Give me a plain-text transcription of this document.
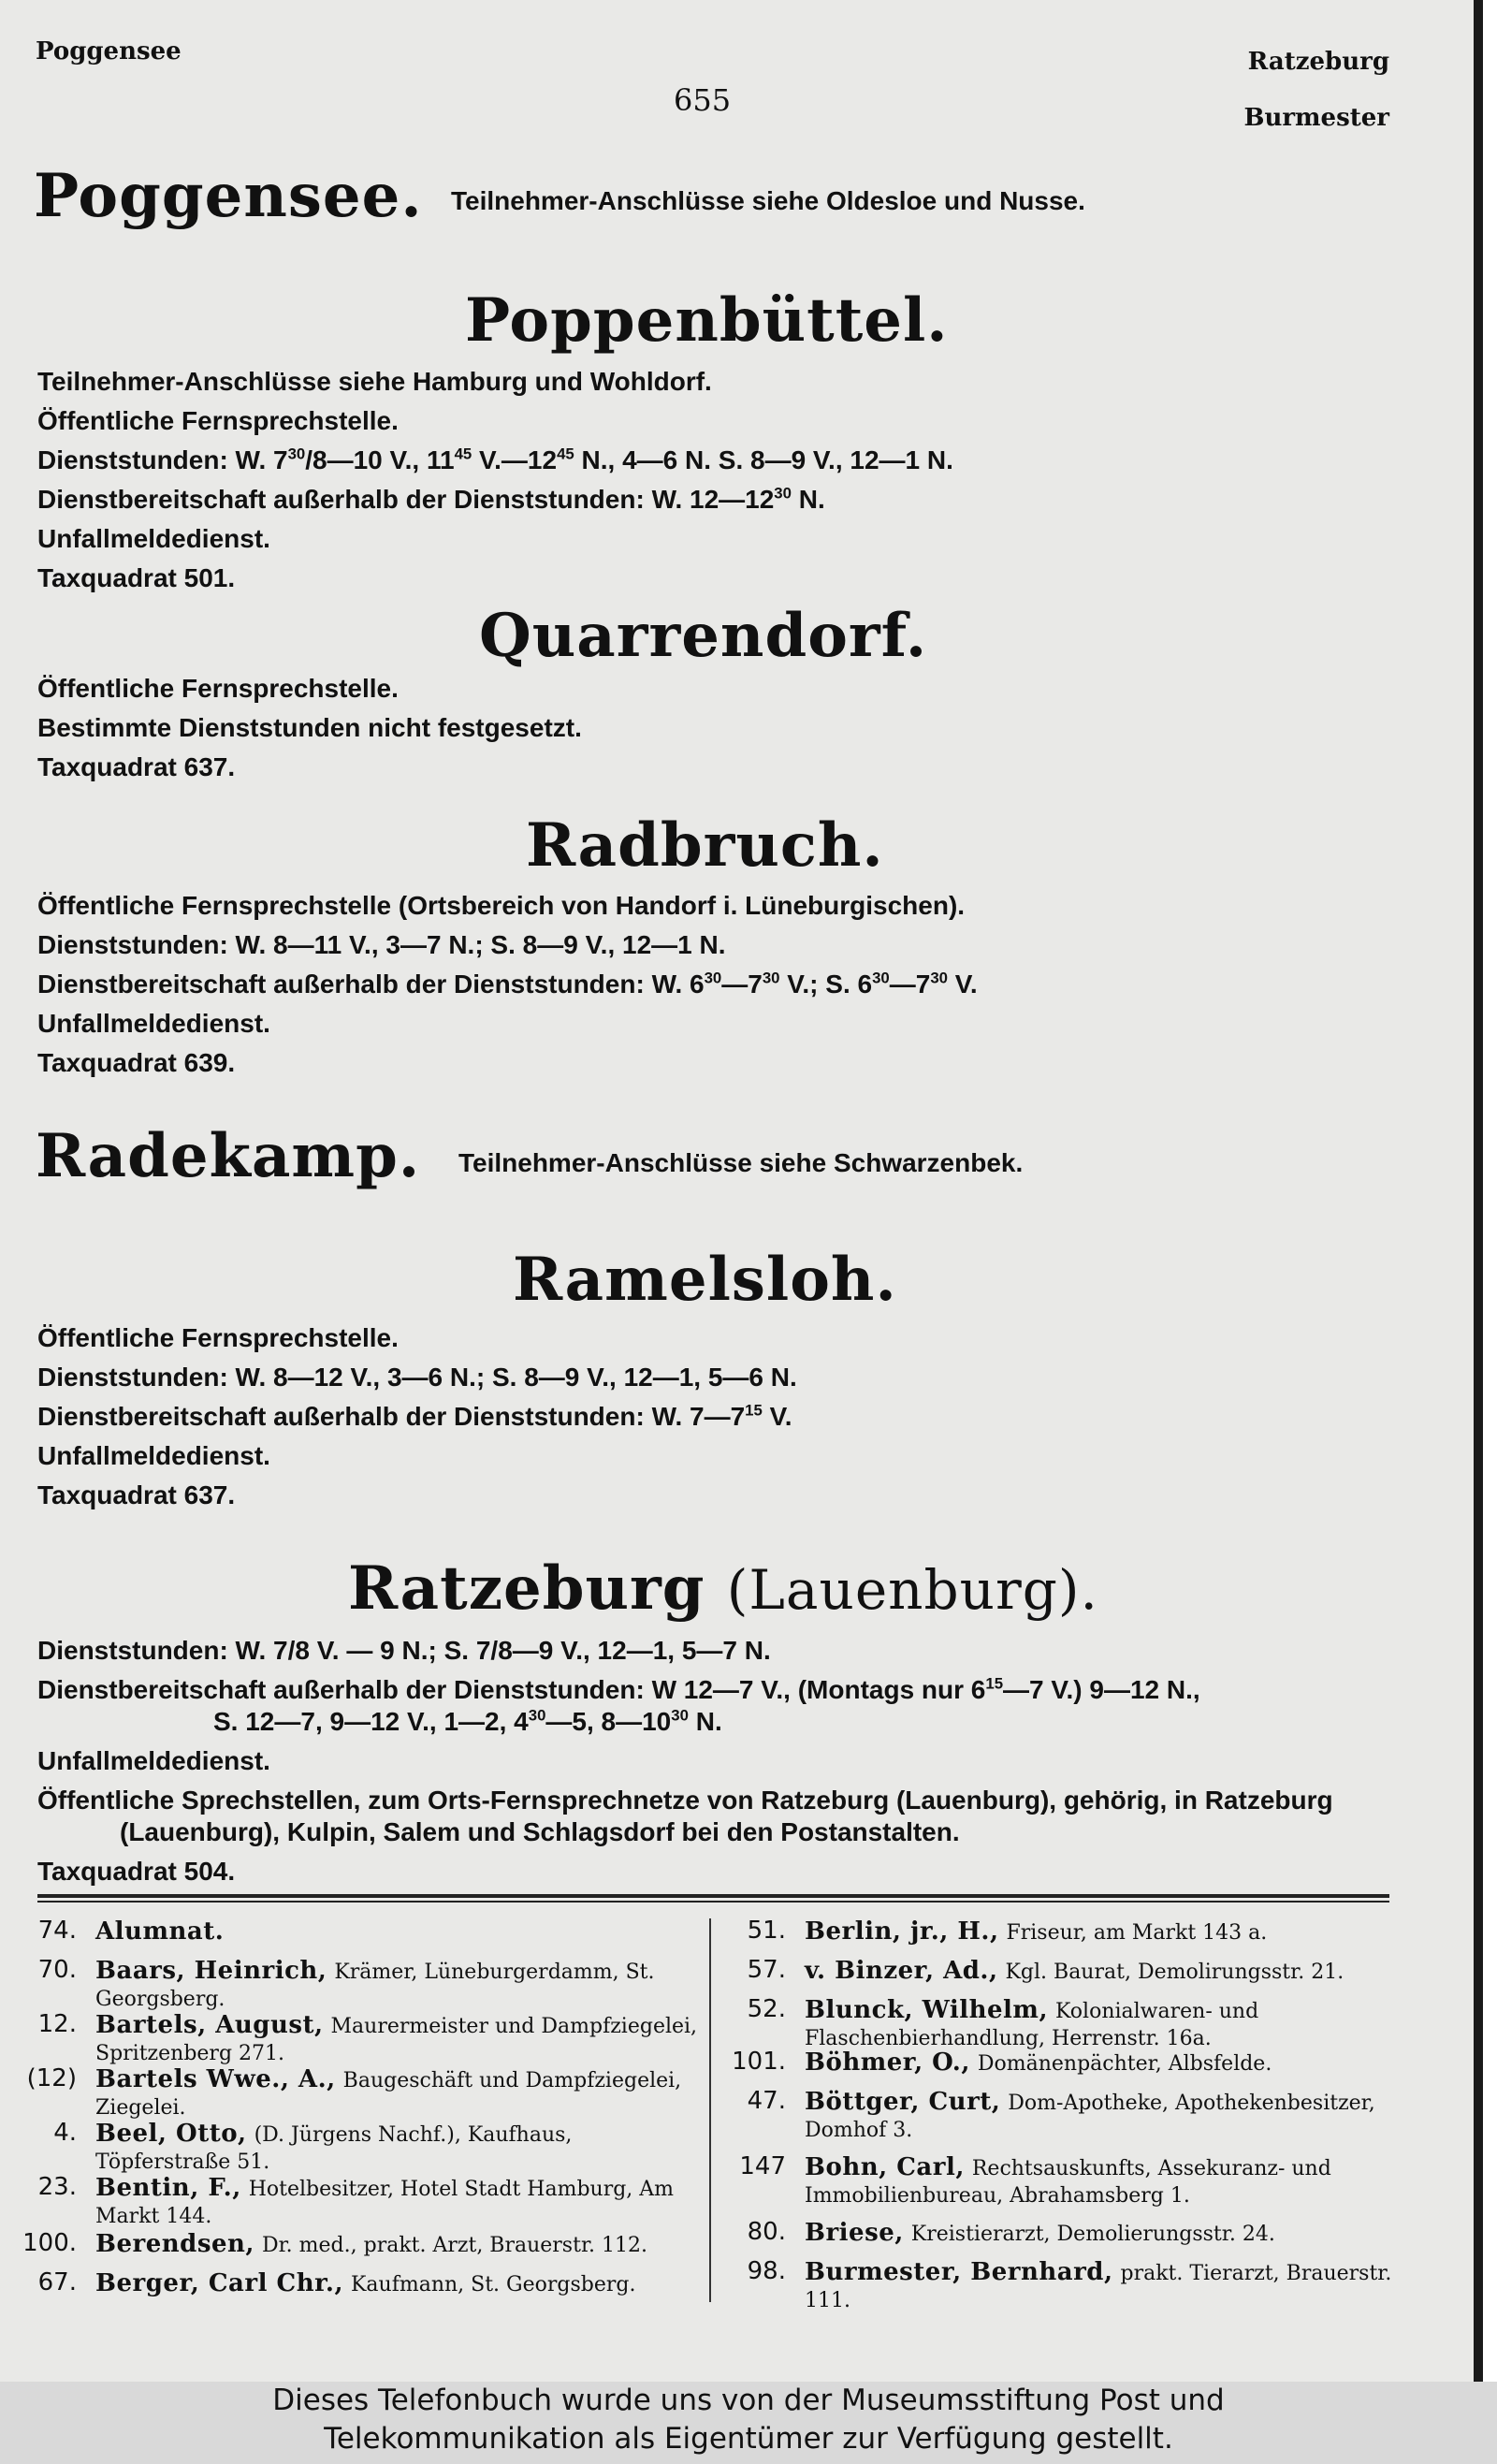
Poggensee
655
Ratzeburg
Burmester
Poggensee. Teilnehmer-Anschlüsse siehe Oldesloe und Nusse.
Poppenbüttel.
Teilnehmer-Anschlüsse siehe Hamburg und Wohldorf.
Öffentliche Fernsprechstelle.
Dienststunden: W. $7^{30}/8—10$ V., $11^{45}$ $V.—12^{45}$ N., 4—6 N. S. 8—9 V., 12—1 N.
Dienstbereitschaft außerhalb der Dienststunden: W. $12—12^{30}$ N.
Unfallmeldedienst.
Taxquadrat 501.
Quarrendorf.
Öffentliche Fernsprechstelle.
Bestimmte Dienststunden nicht festgesetzt.
Taxquadrat 637.
Radbruch.
Öffentliche Fernsprechstelle (Ortsbereich von Handorf i. Lüneburgischen).
Dienststunden: W. 8—11 V., 3—7 N.; S. 8—9 V., 12—1 N.
Dienstbereitschaft außerhalb der Dienststunden: W. $6^{30}—7^{30}$ V.; S. $6^{30}—7^{30}$ V.
Unfallmeldedienst.
Taxquadrat 639.
Radekamp. Teilnehmer-Anschlüsse siehe Schwarzenbek.
Ramelsloh.
Öffentliche Fernsprechstelle.
Dienststunden: W. 8—12 V., 3—6 N.; S. 8—9 V., 12—1, 5—6 N.
Dienstbereitschaft außerhalb der Dienststunden: W. $7—7^{15}$ V.
Unfallmeldedienst.
Taxquadrat 637.
Ratzeburg (Lauenburg).
Dienststunden: W. 7/8 V. — 9 N.; S. 7/8—9 V., 12—1, 5—7 N.
Dienstbereitschaft außerhalb der Dienststunden: W 12—7 V., (Montags nur $6^{15}—7$ V.) 9—12 N.,
S. 12—7, 9—12 V., 1—2, $4^{30}—5$, $8—10^{30}$ N.
Unfallmeldedienst.
Öffentliche Sprechstellen, zum Orts-Fernsprechnetze von Ratzeburg (Lauenburg), gehörig, in Ratzeburg
(Lauenburg), Kulpin, Salem und Schlagsdorf bei den Postanstalten.
Taxquadrat 504.
74. Alumnat.
70. Baars, Heinrich, Krämer, Lüneburgerdamm, St. Georgsberg.
12. Bartels, August, Maurermeister und Dampfziegelei, Spritzenberg 271.
(12) Bartels Wwe., A., Baugeschäft und Dampfziegelei, Ziegelei.
4. Beel, Otto, (D. Jürgens Nachf.), Kaufhaus, Töpferstraße 51.
23. Bentin, F., Hotelbesitzer, Hotel Stadt Hamburg, Am Markt 144.
100. Berendsen, Dr. med., prakt. Arzt, Brauerstr. 112.
67. Berger, Carl Chr., Kaufmann, St. Georgsberg.
51. Berlin, jr., H., Friseur, am Markt 143 a.
57. v. Binzer, Ad., Kgl. Baurat, Demolirungsstr. 21.
52. Blunck, Wilhelm, Kolonialwaren- und Flaschenbierhandlung, Herrenstr. 16a.
101. Böhmer, O., Domänenpächter, Albsfelde.
47. Böttger, Curt, Dom-Apotheke, Apothekenbesitzer, Domhof 3.
147 Bohn, Carl, Rechtsauskunfts, Assekuranz- und Immobilienbureau, Abrahamsberg 1.
80. Briese, Kreistierarzt, Demolierungsstr. 24.
98. Burmester, Bernhard, prakt. Tierarzt, Brauerstr. 111.
Dieses Telefonbuch wurde uns von der Museumsstiftung Post und
Telekommunikation als Eigentümer zur Verfügung gestellt.
